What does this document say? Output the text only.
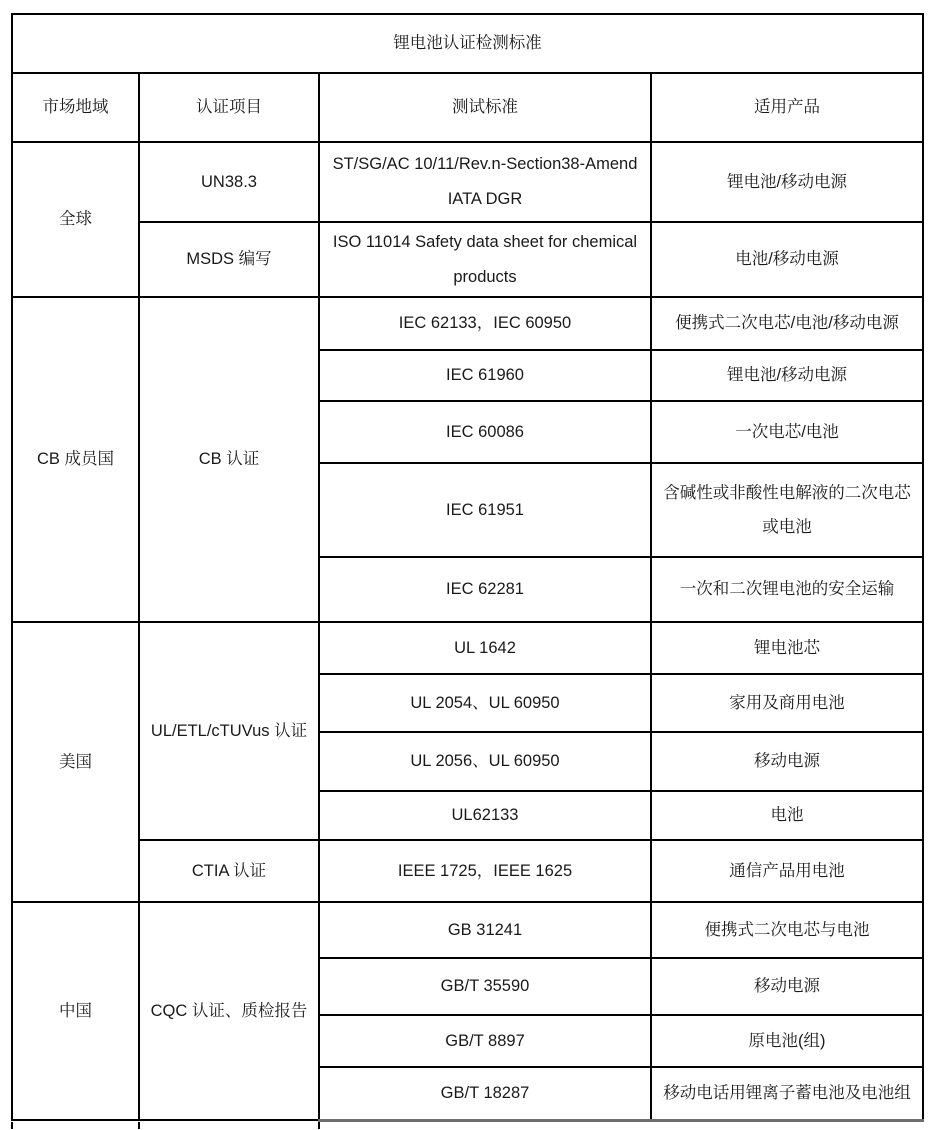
锂电池认证检测标准			
市场地域	认证项目	测试标准	适用产品
全球	UN38.3	ST/SG/AC 10/11/Rev.n-Section38-Amend IATA DGR	锂电池/移动电源
	MSDS 编写	ISO 11014 Safety data sheet for chemical products	电池/移动电源
CB 成员国	CB 认证	IEC 62133，IEC 60950	便携式二次电芯/电池/移动电源
		IEC 61960	锂电池/移动电源
		IEC 60086	一次电芯/电池
		IEC 61951	含碱性或非酸性电解液的二次电芯或电池
		IEC 62281	一次和二次锂电池的安全运输
美国	UL/ETL/cTUVus 认证	UL 1642	锂电池芯
		UL 2054、UL 60950	家用及商用电池
		UL 2056、UL 60950	移动电源
		UL62133	电池
	CTIA 认证	IEEE 1725，IEEE 1625	通信产品用电池
中国	CQC 认证、质检报告	GB 31241	便携式二次电芯与电池
		GB/T 35590	移动电源
		GB/T 8897	原电池(组)
		GB/T 18287	移动电话用锂离子蓄电池及电池组
